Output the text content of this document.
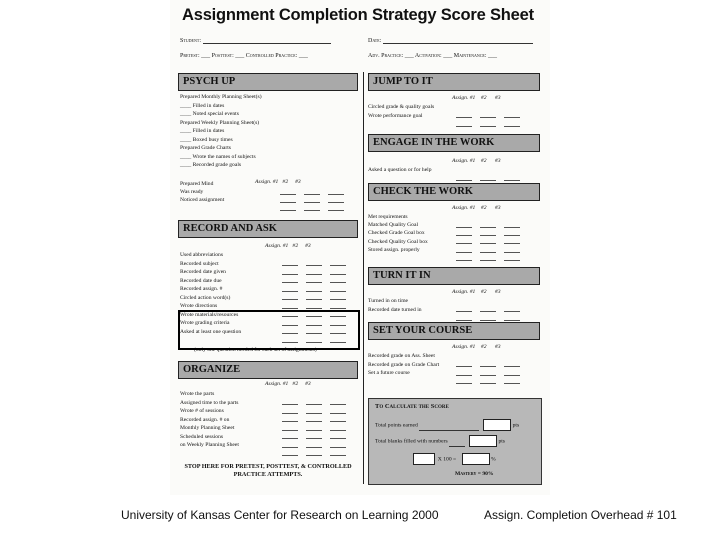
Assignment Completion Strategy Score Sheet
Student:	Date:
Pretest: ___ Posttest: ___ Controlled Practice: ___	Adv. Practice: ___ Activation: ___ Maintenance: ___
PSYCH UP
Prepared Monthly Planning Sheet(s)
____ Filled in dates
____ Noted special events
Prepared Weekly Planning Sheet(s)
____ Filled in dates
____ Boxed busy times
Prepared Grade Charts
____ Wrote the names of subjects
____ Recorded grade goals
Assign. #1 #2 #3
Prepared Mind
Was ready
Noticed assignment
RECORD AND ASK
Assign. #1 #2 #3
Used abbreviations
Recorded subject
Recorded date given
Recorded date due
Recorded assign. #
Circled action word(s)
Wrote directions
Wrote materials/resources
Wrote grading criteria
Asked at least one question
(only one question needed for each set of assignments)
ORGANIZE
Assign. #1 #2 #3
Wrote the parts
Assigned time to the parts
Wrote # of sessions
Recorded assign. # on
Monthly Planning Sheet
Scheduled sessions
on Weekly Planning Sheet
STOP HERE FOR PRETEST, POSTTEST, & CONTROLLED PRACTICE ATTEMPTS.
JUMP TO IT
Assign. #1 #2 #3
Circled grade & quality goals
Wrote performance goal
ENGAGE IN THE WORK
Assign. #1 #2 #3
Asked a question or for help
CHECK THE WORK
Assign. #1 #2 #3
Met requirements
Matched Quality Goal
Checked Grade Goal box
Checked Quality Goal box
Stored assign. properly
TURN IT IN
Assign. #1 #2 #3
Turned in on time
Recorded date turned in
SET YOUR COURSE
Assign. #1 #2 #3
Recorded grade on Ass. Sheet
Recorded grade on Grade Chart
Set a future course
To Calculate the Score
Total points earned	pts
Total blanks filled with numbers	pts
X 100 =	%
Mastery = 90%
University of Kansas Center for Research on Learning 2000	Assign. Completion Overhead # 101
